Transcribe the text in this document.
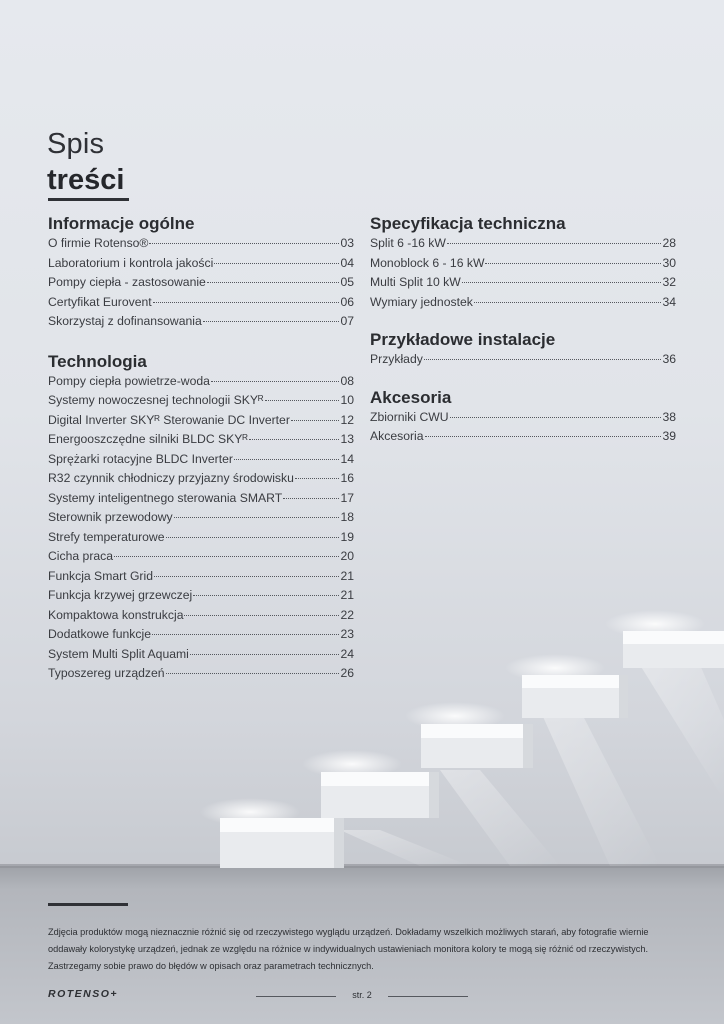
Spis
treści
Informacje ogólne
O firmie Rotenso®	03
Laboratorium i kontrola jakości	04
Pompy ciepła - zastosowanie	05
Certyfikat Eurovent	06
Skorzystaj z dofinansowania	07
Technologia
Pompy ciepła powietrze-woda	08
Systemy nowoczesnej technologii SKYᴿ	10
Digital Inverter SKYᴿ Sterowanie DC Inverter	12
Energooszczędne silniki BLDC SKYᴿ	13
Sprężarki rotacyjne BLDC Inverter	14
R32 czynnik chłodniczy przyjazny środowisku	16
Systemy inteligentnego sterowania SMART	17
Sterownik przewodowy	18
Strefy temperaturowe	19
Cicha praca	20
Funkcja Smart Grid	21
Funkcja krzywej grzewczej	21
Kompaktowa konstrukcja	22
Dodatkowe funkcje	23
System Multi Split Aquami	24
Typoszereg urządzeń	26
Specyfikacja techniczna
Split 6 -16 kW	28
Monoblock 6 - 16 kW	30
Multi Split 10 kW	32
Wymiary jednostek	34
Przykładowe instalacje
Przykłady	36
Akcesoria
Zbiorniki CWU	38
Akcesoria	39
Zdjęcia produktów mogą nieznacznie różnić się od rzeczywistego wyglądu urządzeń. Dokładamy wszelkich możliwych starań, aby fotografie wiernie oddawały kolorystykę urządzeń, jednak ze względu na różnice w indywidualnych ustawieniach monitora kolory te mogą się różnić od rzeczywistych. Zastrzegamy sobie prawo do błędów w opisach oraz parametrach technicznych.
ROTENSO+	str. 2
